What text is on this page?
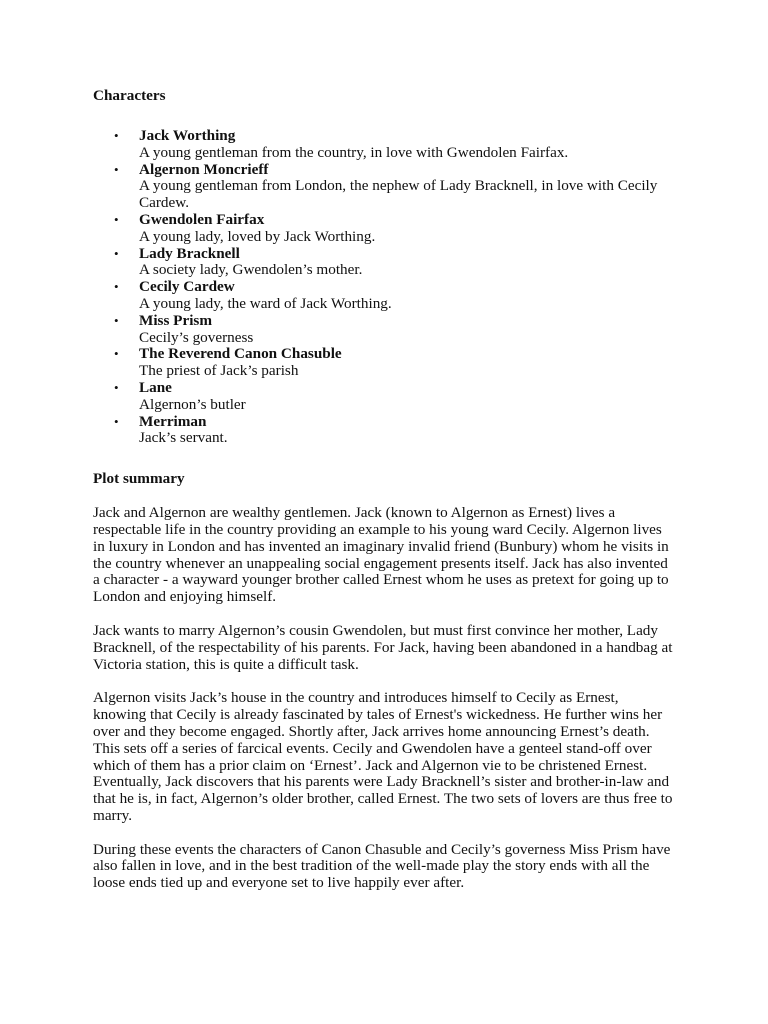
Characters

• Jack Worthing
A young gentleman from the country, in love with Gwendolen Fairfax.
• Algernon Moncrieff
A young gentleman from London, the nephew of Lady Bracknell, in love with Cecily Cardew.
• Gwendolen Fairfax
A young lady, loved by Jack Worthing.
• Lady Bracknell
A society lady, Gwendolen’s mother.
• Cecily Cardew
A young lady, the ward of Jack Worthing.
• Miss Prism
Cecily’s governess
• The Reverend Canon Chasuble
The priest of Jack’s parish
• Lane
Algernon’s butler
• Merriman
Jack’s servant.

Plot summary

Jack and Algernon are wealthy gentlemen. Jack (known to Algernon as Ernest) lives a respectable life in the country providing an example to his young ward Cecily. Algernon lives in luxury in London and has invented an imaginary invalid friend (Bunbury) whom he visits in the country whenever an unappealing social engagement presents itself. Jack has also invented a character - a wayward younger brother called Ernest whom he uses as pretext for going up to London and enjoying himself.

Jack wants to marry Algernon’s cousin Gwendolen, but must first convince her mother, Lady Bracknell, of the respectability of his parents. For Jack, having been abandoned in a handbag at Victoria station, this is quite a difficult task.

Algernon visits Jack’s house in the country and introduces himself to Cecily as Ernest, knowing that Cecily is already fascinated by tales of Ernest's wickedness. He further wins her over and they become engaged. Shortly after, Jack arrives home announcing Ernest’s death. This sets off a series of farcical events. Cecily and Gwendolen have a genteel stand-off over which of them has a prior claim on ‘Ernest’. Jack and Algernon vie to be christened Ernest. Eventually, Jack discovers that his parents were Lady Bracknell’s sister and brother-in-law and that he is, in fact, Algernon’s older brother, called Ernest. The two sets of lovers are thus free to marry.

During these events the characters of Canon Chasuble and Cecily’s governess Miss Prism have also fallen in love, and in the best tradition of the well-made play the story ends with all the loose ends tied up and everyone set to live happily ever after.
